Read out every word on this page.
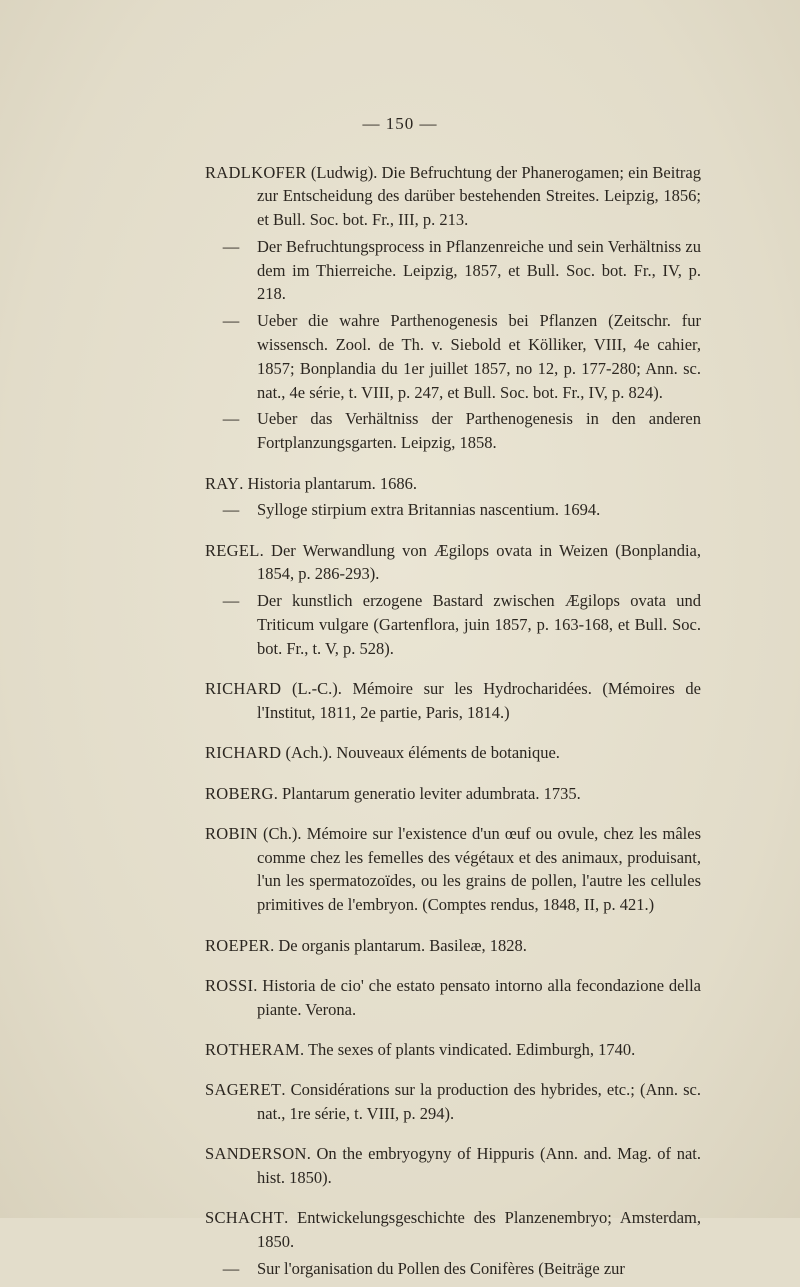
— 150 —

RADLKOFER (Ludwig). Die Befruchtung der Phanerogamen; ein Beitrag zur Entscheidung des darüber bestehenden Streites. Leipzig, 1856; et Bull. Soc. bot. Fr., III, p. 213.

— Der Befruchtungsprocess in Pflanzenreiche und sein Verhältniss zu dem im Thierreiche. Leipzig, 1857, et Bull. Soc. bot. Fr., IV, p. 218.

— Ueber die wahre Parthenogenesis bei Pflanzen (Zeitschr. fur wissensch. Zool. de Th. v. Siebold et Kölliker, VIII, 4e cahier, 1857; Bonplandia du 1er juillet 1857, no 12, p. 177-280; Ann. sc. nat., 4e série, t. VIII, p. 247, et Bull. Soc. bot. Fr., IV, p. 824).

— Ueber das Verhältniss der Parthenogenesis in den anderen Fortplanzungsgarten. Leipzig, 1858.

RAY. Historia plantarum. 1686.

— Sylloge stirpium extra Britannias nascentium. 1694.

REGEL. Der Werwandlung von Ægilops ovata in Weizen (Bonplandia, 1854, p. 286-293).

— Der kunstlich erzogene Bastard zwischen Ægilops ovata und Triticum vulgare (Gartenflora, juin 1857, p. 163-168, et Bull. Soc. bot. Fr., t. V, p. 528).

RICHARD (L.-C.). Mémoire sur les Hydrocharidées. (Mémoires de l'Institut, 1811, 2e partie, Paris, 1814.)

RICHARD (Ach.). Nouveaux éléments de botanique.

ROBERG. Plantarum generatio leviter adumbrata. 1735.

ROBIN (Ch.). Mémoire sur l'existence d'un œuf ou ovule, chez les mâles comme chez les femelles des végétaux et des animaux, produisant, l'un les spermatozoïdes, ou les grains de pollen, l'autre les cellules primitives de l'embryon. (Comptes rendus, 1848, II, p. 421.)

ROEPER. De organis plantarum. Basileæ, 1828.

ROSSI. Historia de cio' che estato pensato intorno alla fecondazione della piante. Verona.

ROTHERAM. The sexes of plants vindicated. Edimburgh, 1740.

SAGERET. Considérations sur la production des hybrides, etc.; (Ann. sc. nat., 1re série, t. VIII, p. 294).

SANDERSON. On the embryogyny of Hippuris (Ann. and. Mag. of nat. hist. 1850).

SCHACHT. Entwickelungsgeschichte des Planzenembryo; Amsterdam, 1850.

— Sur l'organisation du Pollen des Conifères (Beiträge zur
